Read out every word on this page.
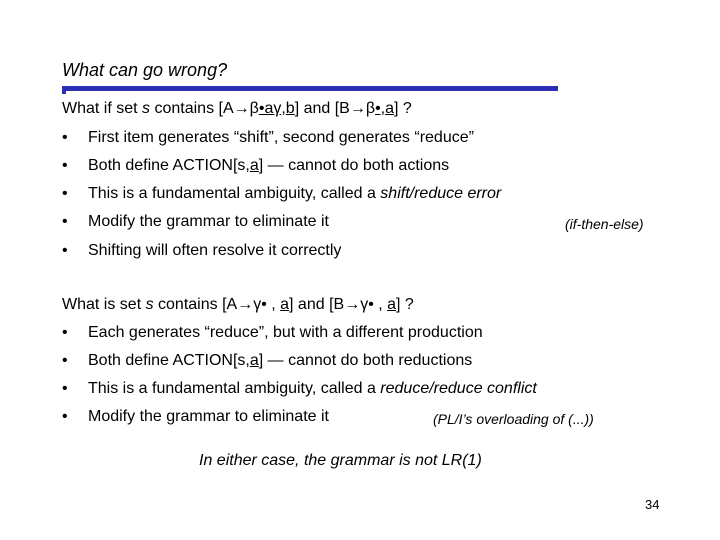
What can go wrong?
What if set s contains [A→β•aγ,b] and [B→β•,a] ?
•	First item generates “shift”, second generates “reduce”
•	Both define ACTION[s,a] — cannot do both actions
•	This is a fundamental ambiguity, called a shift/reduce error
•	Modify the grammar to eliminate it	(if-then-else)
•	Shifting will often resolve it correctly
What is set s contains [A→γ• , a] and [B→γ• , a] ?
•	Each generates “reduce”, but with a different production
•	Both define ACTION[s,a] — cannot do both reductions
•	This is a fundamental ambiguity, called a reduce/reduce conflict
•	Modify the grammar to eliminate it	(PL/I’s overloading of (...))
In either case, the grammar is not LR(1)
34
